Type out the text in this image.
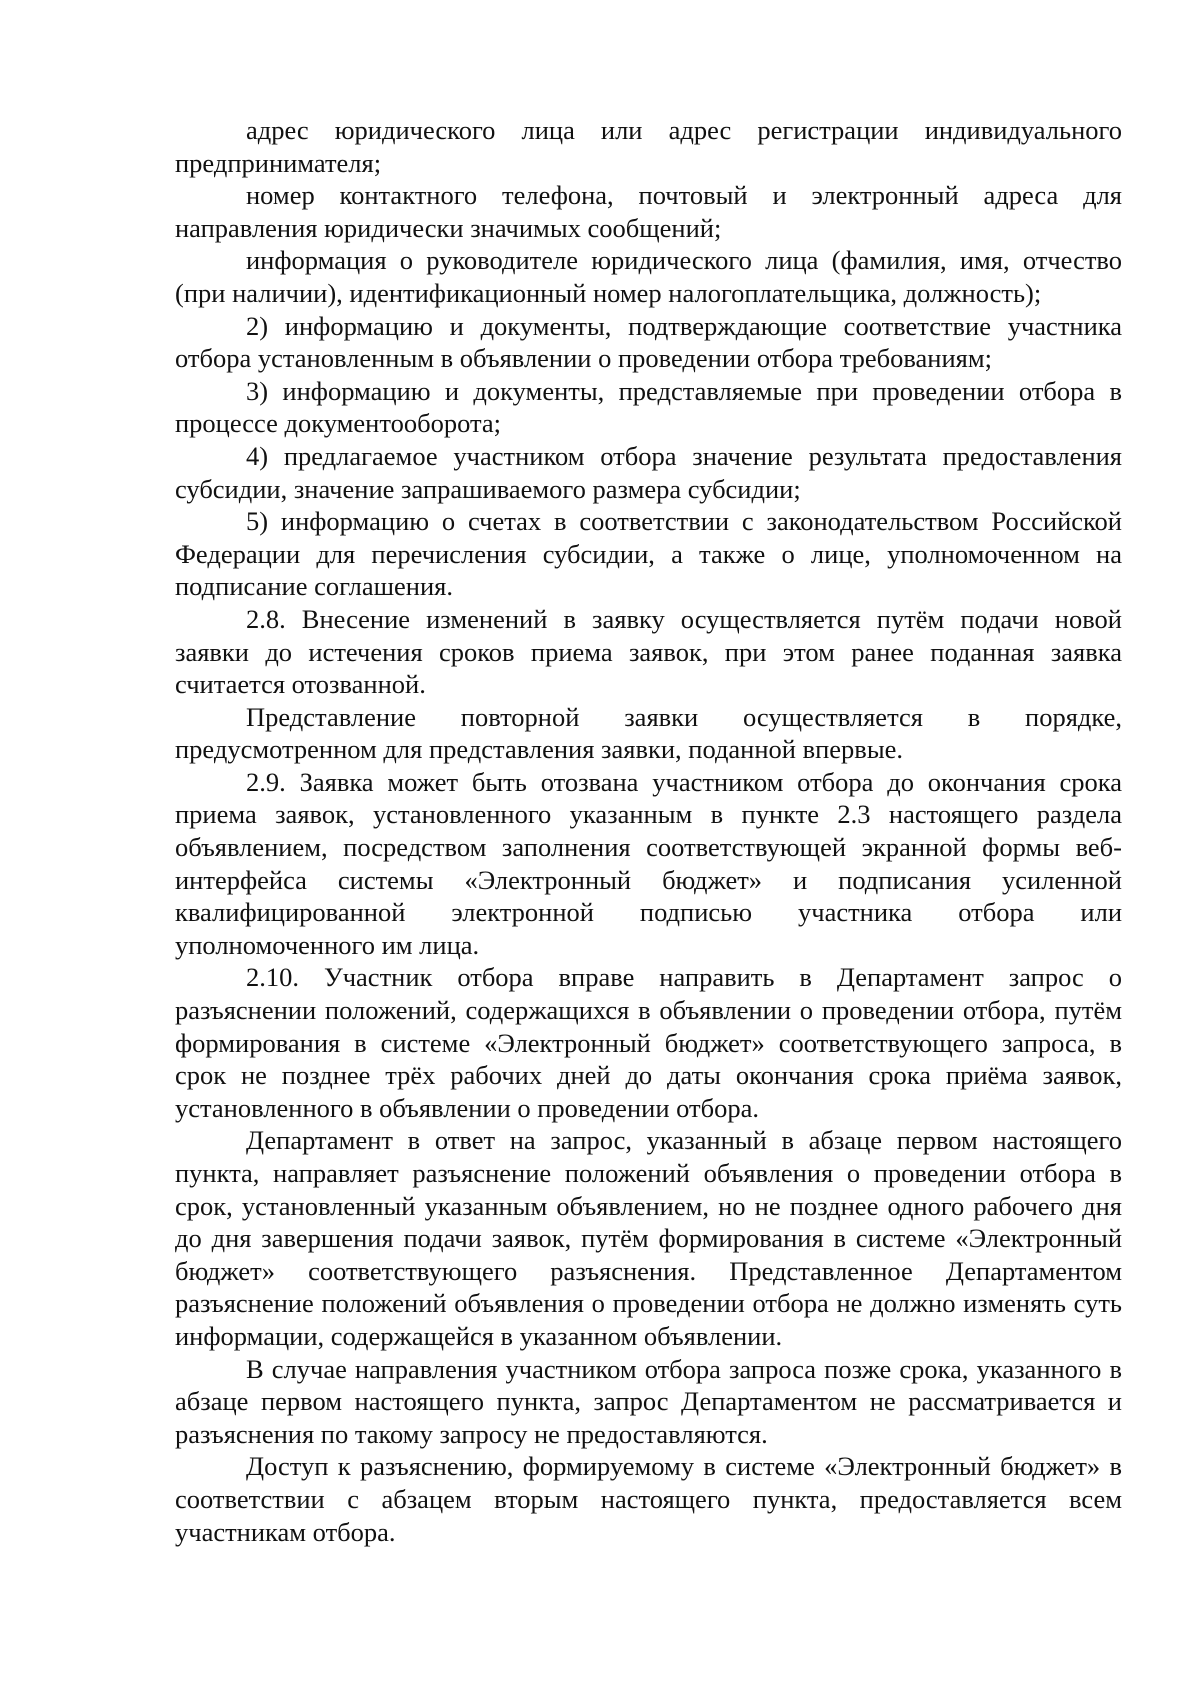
адрес юридического лица или адрес регистрации индивидуального предпринимателя;

номер контактного телефона, почтовый и электронный адреса для направления юридически значимых сообщений;

информация о руководителе юридического лица (фамилия, имя, отчество (при наличии), идентификационный номер налогоплательщика, должность);

2) информацию и документы, подтверждающие соответствие участника отбора установленным в объявлении о проведении отбора требованиям;

3) информацию и документы, представляемые при проведении отбора в процессе документооборота;

4) предлагаемое участником отбора значение результата предоставления субсидии, значение запрашиваемого размера субсидии;

5) информацию о счетах в соответствии с законодательством Российской Федерации для перечисления субсидии, а также о лице, уполномоченном на подписание соглашения.

2.8. Внесение изменений в заявку осуществляется путём подачи новой заявки до истечения сроков приема заявок, при этом ранее поданная заявка считается отозванной.

Представление повторной заявки осуществляется в порядке, предусмотренном для представления заявки, поданной впервые.

2.9. Заявка может быть отозвана участником отбора до окончания срока приема заявок, установленного указанным в пункте 2.3 настоящего раздела объявлением, посредством заполнения соответствующей экранной формы веб-интерфейса системы «Электронный бюджет» и подписания усиленной квалифицированной электронной подписью участника отбора или уполномоченного им лица.

2.10. Участник отбора вправе направить в Департамент запрос о разъяснении положений, содержащихся в объявлении о проведении отбора, путём формирования в системе «Электронный бюджет» соответствующего запроса, в срок не позднее трёх рабочих дней до даты окончания срока приёма заявок, установленного в объявлении о проведении отбора.

Департамент в ответ на запрос, указанный в абзаце первом настоящего пункта, направляет разъяснение положений объявления о проведении отбора в срок, установленный указанным объявлением, но не позднее одного рабочего дня до дня завершения подачи заявок, путём формирования в системе «Электронный бюджет» соответствующего разъяснения. Представленное Департаментом разъяснение положений объявления о проведении отбора не должно изменять суть информации, содержащейся в указанном объявлении.

В случае направления участником отбора запроса позже срока, указанного в абзаце первом настоящего пункта, запрос Департаментом не рассматривается и разъяснения по такому запросу не предоставляются.

Доступ к разъяснению, формируемому в системе «Электронный бюджет» в соответствии с абзацем вторым настоящего пункта, предоставляется всем участникам отбора.
